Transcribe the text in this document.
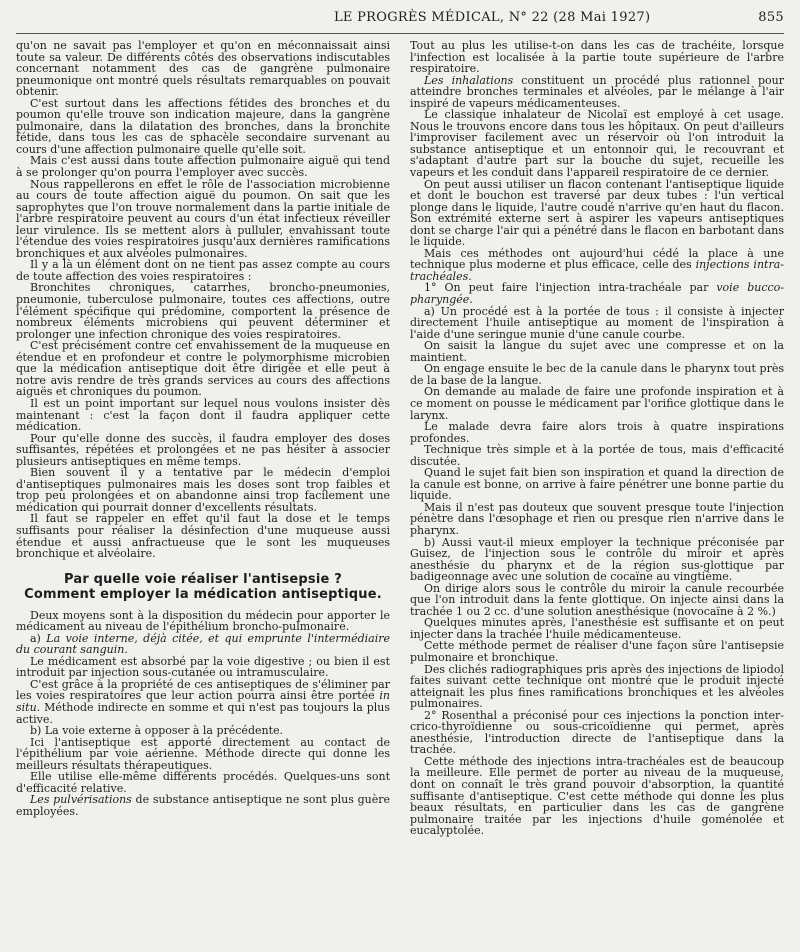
LE PROGRÈS MÉDICAL, N° 22 (28 Mai 1927)	855

qu'on ne savait pas l'employer et qu'on en méconnaissait ainsi toute sa valeur. De différents côtés des observations indiscutables concernant notamment des cas de gangrène pulmonaire pneumonique ont montré quels résultats remarquables on pouvait obtenir.

C'est surtout dans les affections fétides des bronches et du poumon qu'elle trouve son indication majeure, dans la gangrène pulmonaire, dans la dilatation des bronches, dans la bronchite fétide, dans tous les cas de sphacèle secondaire survenant au cours d'une affection pulmonaire quelle qu'elle soit.

Mais c'est aussi dans toute affection pulmonaire aiguë qui tend à se prolonger qu'on pourra l'employer avec succès.

Nous rappellerons en effet le rôle de l'association microbienne au cours de toute affection aiguë du poumon. On sait que les saprophytes que l'on trouve normalement dans la partie initiale de l'arbre respiratoire peuvent au cours d'un état infectieux réveiller leur virulence. Ils se mettent alors à pulluler, envahissant toute l'étendue des voies respiratoires jusqu'aux dernières ramifications bronchiques et aux alvéoles pulmonaires.

Il y a là un élément dont on ne tient pas assez compte au cours de toute affection des voies respiratoires :

Bronchites chroniques, catarrhes, broncho-pneumonies, pneumonie, tuberculose pulmonaire, toutes ces affections, outre l'élément spécifique qui prédomine, comportent la présence de nombreux éléments microbiens qui peuvent déterminer et prolonger une infection chronique des voies respiratoires.

C'est précisément contre cet envahissement de la muqueuse en étendue et en profondeur et contre le polymorphisme microbien que la médication antiseptique doit être dirigée et elle peut à notre avis rendre de très grands services au cours des affections aiguës et chroniques du poumon.

Il est un point important sur lequel nous voulons insister dès maintenant : c'est la façon dont il faudra appliquer cette médication.

Pour qu'elle donne des succès, il faudra employer des doses suffisantes, répétées et prolongées et ne pas hésiter à associer plusieurs antiseptiques en même temps.

Bien souvent il y a tentative par le médecin d'emploi d'antiseptiques pulmonaires mais les doses sont trop faibles et trop peu prolongées et on abandonne ainsi trop facilement une médication qui pourrait donner d'excellents résultats.

Il faut se rappeler en effet qu'il faut la dose et le temps suffisants pour réaliser la désinfection d'une muqueuse aussi étendue et aussi anfractueuse que le sont les muqueuses bronchique et alvéolaire.

Par quelle voie réaliser l'antisepsie ?
Comment employer la médication antiseptique.

Deux moyens sont à la disposition du médecin pour apporter le médicament au niveau de l'épithélium broncho-pulmonaire.

a) La voie interne, déjà citée, et qui emprunte l'intermédiaire du courant sanguin.

Le médicament est absorbé par la voie digestive ; ou bien il est introduit par injection sous-cutanée ou intramusculaire.

C'est grâce à la propriété de ces antiseptiques de s'éliminer par les voies respiratoires que leur action pourra ainsi être portée in situ. Méthode indirecte en somme et qui n'est pas toujours la plus active.

b) La voie externe à opposer à la précédente.

Ici l'antiseptique est apporté directement au contact de l'épithélium par voie aérienne. Méthode directe qui donne les meilleurs résultats thérapeutiques.

Elle utilise elle-même différents procédés. Quelques-uns sont d'efficacité relative.

Les pulvérisations de substance antiseptique ne sont plus guère employées.

Tout au plus les utilise-t-on dans les cas de trachéite, lorsque l'infection est localisée à la partie toute supérieure de l'arbre respiratoire.

Les inhalations constituent un procédé plus rationnel pour atteindre bronches terminales et alvéoles, par le mélange à l'air inspiré de vapeurs médicamenteuses.

Le classique inhalateur de Nicolaï est employé à cet usage. Nous le trouvons encore dans tous les hôpitaux. On peut d'ailleurs l'improviser facilement avec un réservoir où l'on introduit la substance antiseptique et un entonnoir qui, le recouvrant et s'adaptant d'autre part sur la bouche du sujet, recueille les vapeurs et les conduit dans l'appareil respiratoire de ce dernier.

On peut aussi utiliser un flacon contenant l'antiseptique liquide et dont le bouchon est traversé par deux tubes : l'un vertical plonge dans le liquide, l'autre coudé n'arrive qu'en haut du flacon. Son extrémité externe sert à aspirer les vapeurs antiseptiques dont se charge l'air qui a pénétré dans le flacon en barbotant dans le liquide.

Mais ces méthodes ont aujourd'hui cédé la place à une technique plus moderne et plus efficace, celle des injections intra-trachéales.

1° On peut faire l'injection intra-trachéale par voie bucco-pharyngée.

a) Un procédé est à la portée de tous : il consiste à injecter directement l'huile antiseptique au moment de l'inspiration à l'aide d'une seringue munie d'une canule courbe.

On saisit la langue du sujet avec une compresse et on la maintient.

On engage ensuite le bec de la canule dans le pharynx tout près de la base de la langue.

On demande au malade de faire une profonde inspiration et à ce moment on pousse le médicament par l'orifice glottique dans le larynx.

Le malade devra faire alors trois à quatre inspirations profondes.

Technique très simple et à la portée de tous, mais d'efficacité discutée.

Quand le sujet fait bien son inspiration et quand la direction de la canule est bonne, on arrive à faire pénétrer une bonne partie du liquide.

Mais il n'est pas douteux que souvent presque toute l'injection pénètre dans l'œsophage et rien ou presque rien n'arrive dans le pharynx.

b) Aussi vaut-il mieux employer la technique préconisée par Guisez, de l'injection sous le contrôle du miroir et après anesthésie du pharynx et de la région sus-glottique par badigeonnage avec une solution de cocaïne au vingtième.

On dirige alors sous le contrôle du miroir la canule recourbée que l'on introduit dans la fente glottique. On injecte ainsi dans la trachée 1 ou 2 cc. d'une solution anesthésique (novocaïne à 2 %.)

Quelques minutes après, l'anesthésie est suffisante et on peut injecter dans la trachée l'huile médicamenteuse.

Cette méthode permet de réaliser d'une façon sûre l'antisepsie pulmonaire et bronchique.

Des clichés radiographiques pris après des injections de lipiodol faites suivant cette technique ont montré que le produit injecté atteignait les plus fines ramifications bronchiques et les alvéoles pulmonaires.

2° Rosenthal a préconisé pour ces injections la ponction inter-crico-thyroïdienne ou sous-cricoïdienne qui permet, après anesthésie, l'introduction directe de l'antiseptique dans la trachée.

Cette méthode des injections intra-trachéales est de beaucoup la meilleure. Elle permet de porter au niveau de la muqueuse, dont on connaît le très grand pouvoir d'absorption, la quantité suffisante d'antiseptique. C'est cette méthode qui donne les plus beaux résultats, en particulier dans les cas de gangrène pulmonaire traitée par les injections d'huile goménolée et eucalyptolée.
